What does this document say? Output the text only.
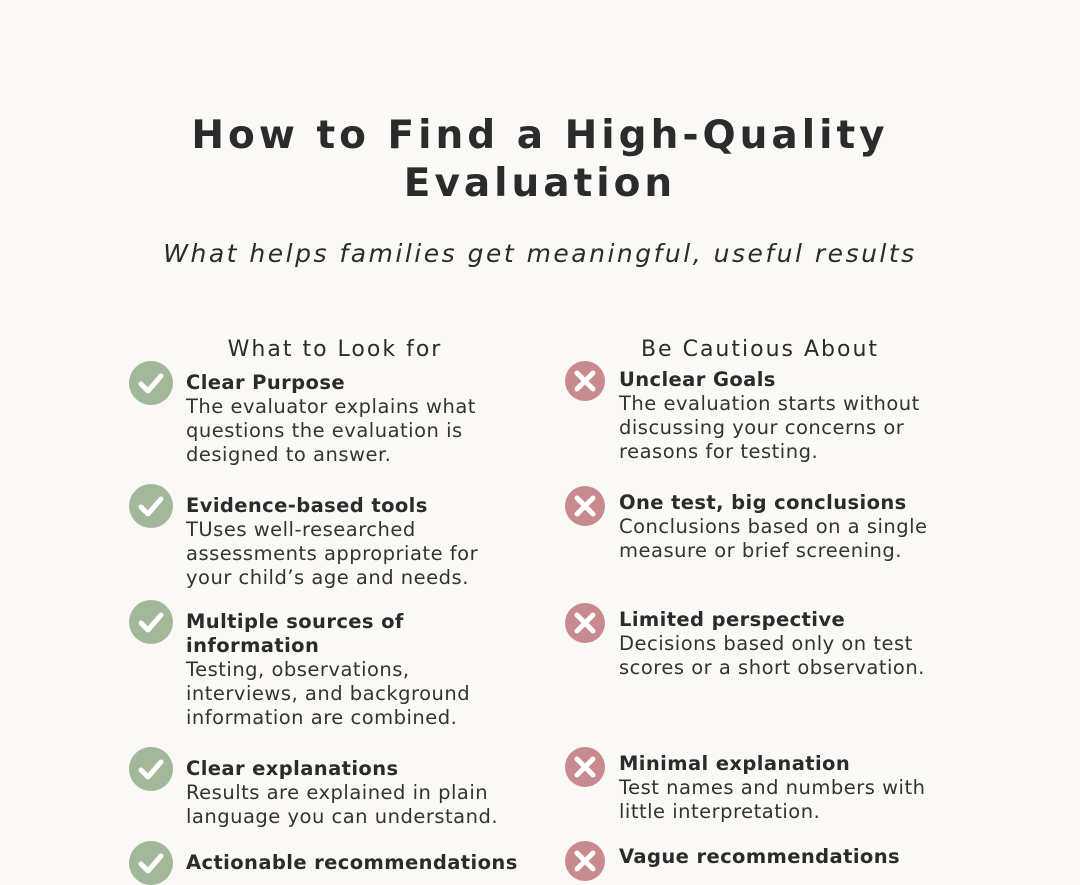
How to Find a High-Quality
Evaluation

What helps families get meaningful, useful results

What to Look for	Be Cautious About
Clear Purpose
The evaluator explains what questions the evaluation is designed to answer.
Evidence-based tools
TUses well-researched assessments appropriate for your child’s age and needs.
Multiple sources of information
Testing, observations, interviews, and background information are combined.
Clear explanations
Results are explained in plain language you can understand.
Actionable recommendations
Unclear Goals
The evaluation starts without discussing your concerns or reasons for testing.
One test, big conclusions
Conclusions based on a single measure or brief screening.
Limited perspective
Decisions based only on test scores or a short observation.
Minimal explanation
Test names and numbers with little interpretation.
Vague recommendations
